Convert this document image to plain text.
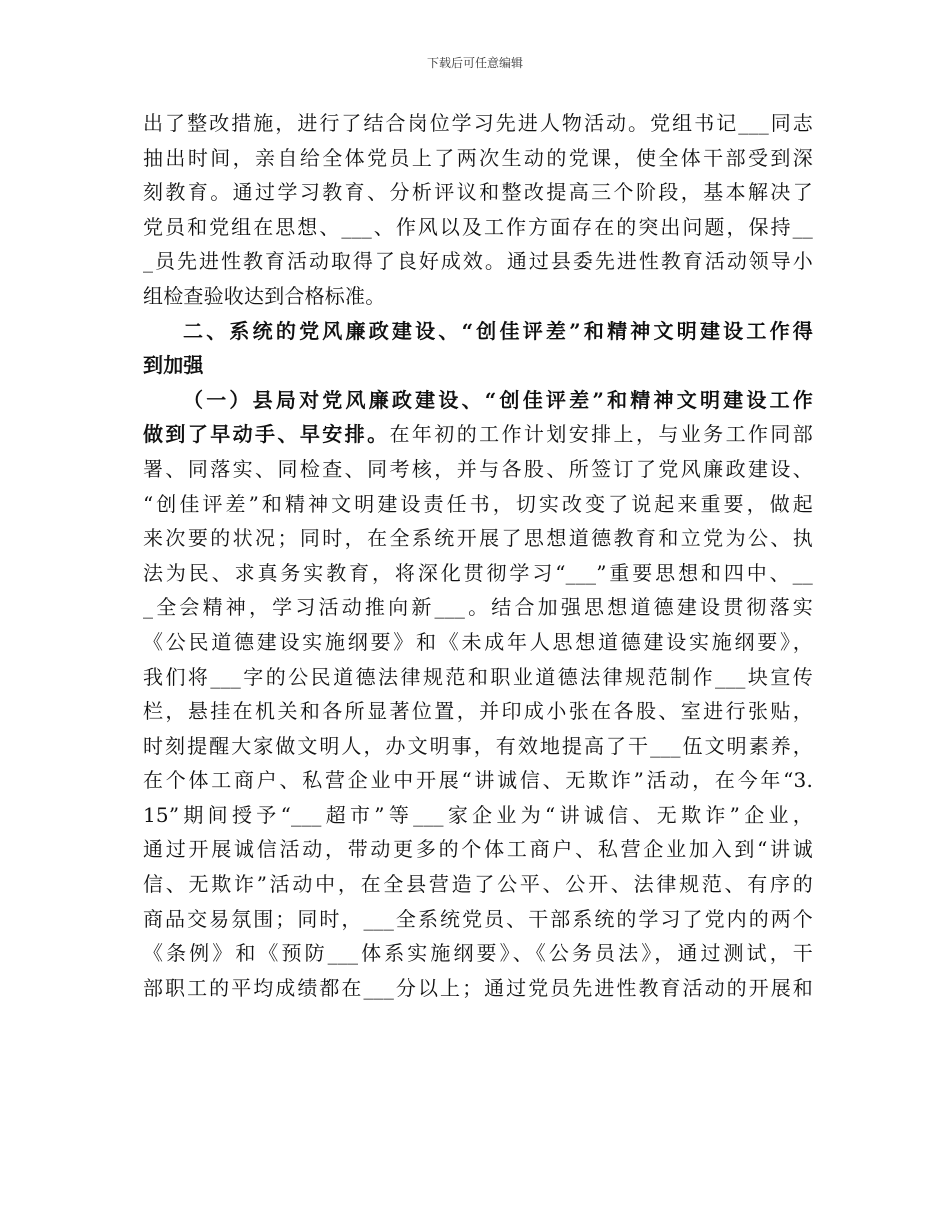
下载后可任意编辑
出了整改措施，进行了结合岗位学习先进人物活动。党组书记___同志
抽出时间，亲自给全体党员上了两次生动的党课，使全体干部受到深
刻教育。通过学习教育、分析评议和整改提高三个阶段，基本解决了
党员和党组在思想、___、作风以及工作方面存在的突出问题，保持__
_员先进性教育活动取得了良好成效。通过县委先进性教育活动领导小
组检查验收达到合格标准。
二、系统的党风廉政建设、“创佳评差”和精神文明建设工作得
到加强
（一）县局对党风廉政建设、“创佳评差”和精神文明建设工作
做到了早动手、早安排。在年初的工作计划安排上，与业务工作同部
署、同落实、同检查、同考核，并与各股、所签订了党风廉政建设、
“创佳评差”和精神文明建设责任书，切实改变了说起来重要，做起
来次要的状况；同时，在全系统开展了思想道德教育和立党为公、执
法为民、求真务实教育，将深化贯彻学习“___”重要思想和四中、__
_全会精神，学习活动推向新___。结合加强思想道德建设贯彻落实
《公民道德建设实施纲要》和《未成年人思想道德建设实施纲要》，
我们将___字的公民道德法律规范和职业道德法律规范制作___块宣传
栏，悬挂在机关和各所显著位置，并印成小张在各股、室进行张贴，
时刻提醒大家做文明人，办文明事，有效地提高了干___伍文明素养，
在个体工商户、私营企业中开展“讲诚信、无欺诈”活动，在今年“3.
15”期间授予“___超市”等___家企业为“讲诚信、无欺诈”企业，
通过开展诚信活动，带动更多的个体工商户、私营企业加入到“讲诚
信、无欺诈”活动中，在全县营造了公平、公开、法律规范、有序的
商品交易氛围；同时，___全系统党员、干部系统的学习了党内的两个
《条例》和《预防___体系实施纲要》、《公务员法》，通过测试，干
部职工的平均成绩都在___分以上；通过党员先进性教育活动的开展和
